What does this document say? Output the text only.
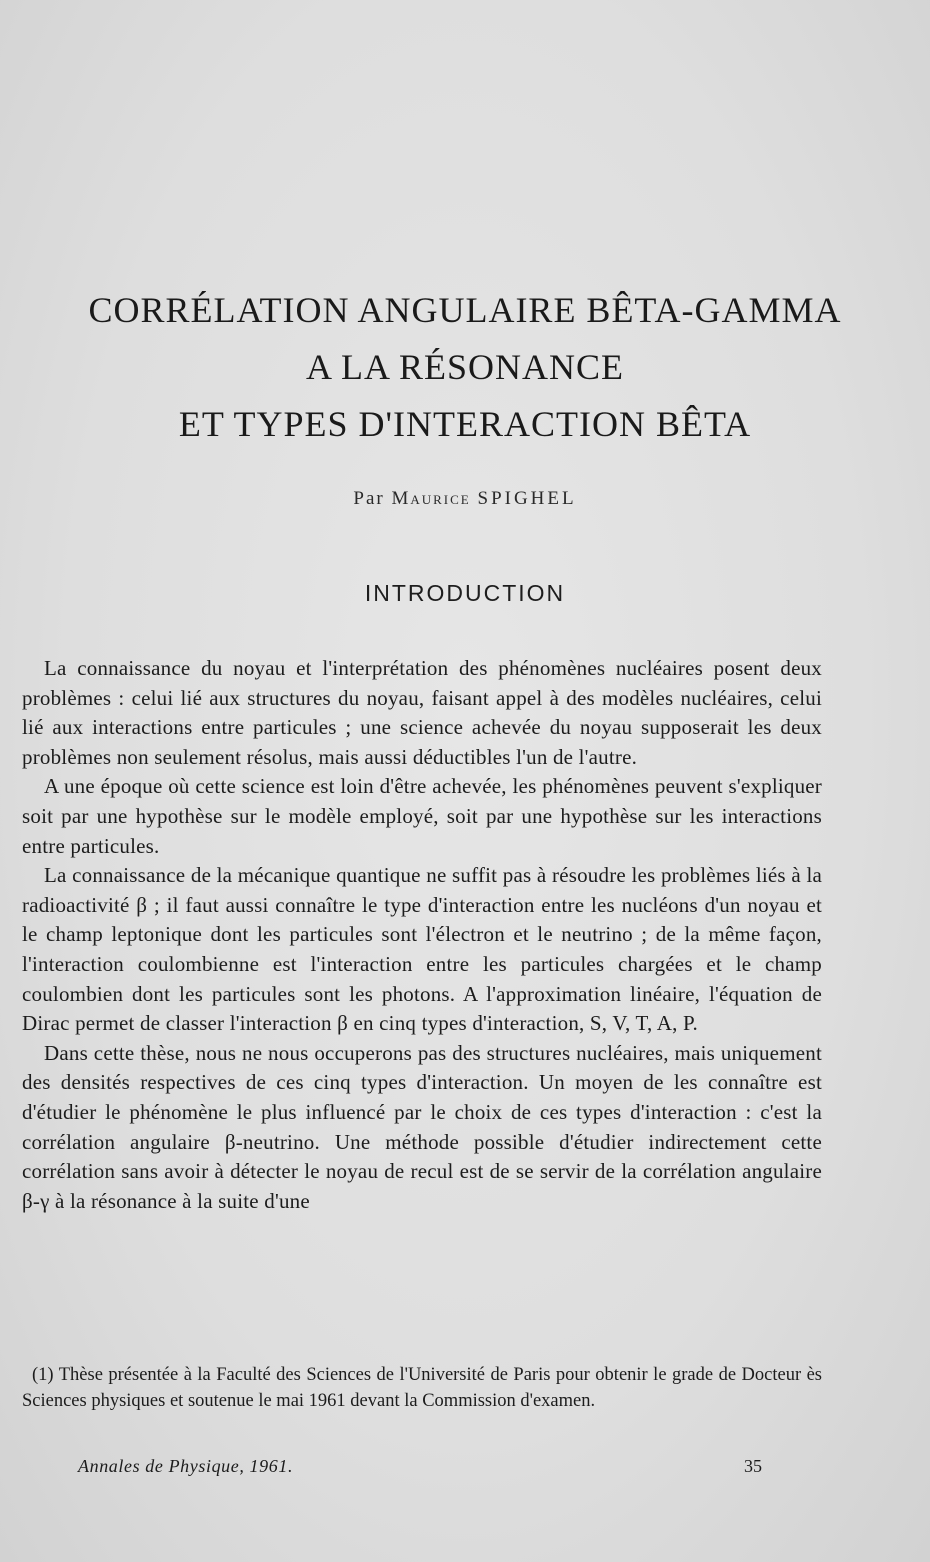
CORRÉLATION ANGULAIRE BÊTA-GAMMA
A LA RÉSONANCE
ET TYPES D'INTERACTION BÊTA
Par Maurice SPIGHEL
INTRODUCTION

La connaissance du noyau et l'interprétation des phénomènes nucléaires posent deux problèmes : celui lié aux structures du noyau, faisant appel à des modèles nucléaires, celui lié aux interactions entre particules ; une science achevée du noyau supposerait les deux problèmes non seulement résolus, mais aussi déductibles l'un de l'autre.

A une époque où cette science est loin d'être achevée, les phénomènes peuvent s'expliquer soit par une hypothèse sur le modèle employé, soit par une hypothèse sur les interactions entre particules.

La connaissance de la mécanique quantique ne suffit pas à résoudre les problèmes liés à la radioactivité β ; il faut aussi connaître le type d'interaction entre les nucléons d'un noyau et le champ leptonique dont les particules sont l'électron et le neutrino ; de la même façon, l'interaction coulombienne est l'interaction entre les particules chargées et le champ coulombien dont les particules sont les photons. A l'approximation linéaire, l'équation de Dirac permet de classer l'interaction β en cinq types d'interaction, S, V, T, A, P.

Dans cette thèse, nous ne nous occuperons pas des structures nucléaires, mais uniquement des densités respectives de ces cinq types d'interaction. Un moyen de les connaître est d'étudier le phénomène le plus influencé par le choix de ces types d'interaction : c'est la corrélation angulaire β-neutrino. Une méthode possible d'étudier indirectement cette corrélation sans avoir à détecter le noyau de recul est de se servir de la corrélation angulaire β-γ à la résonance à la suite d'une

(1) Thèse présentée à la Faculté des Sciences de l'Université de Paris pour obtenir le grade de Docteur ès Sciences physiques et soutenue le mai 1961 devant la Commission d'examen.

Annales de Physique, 1961.	35
